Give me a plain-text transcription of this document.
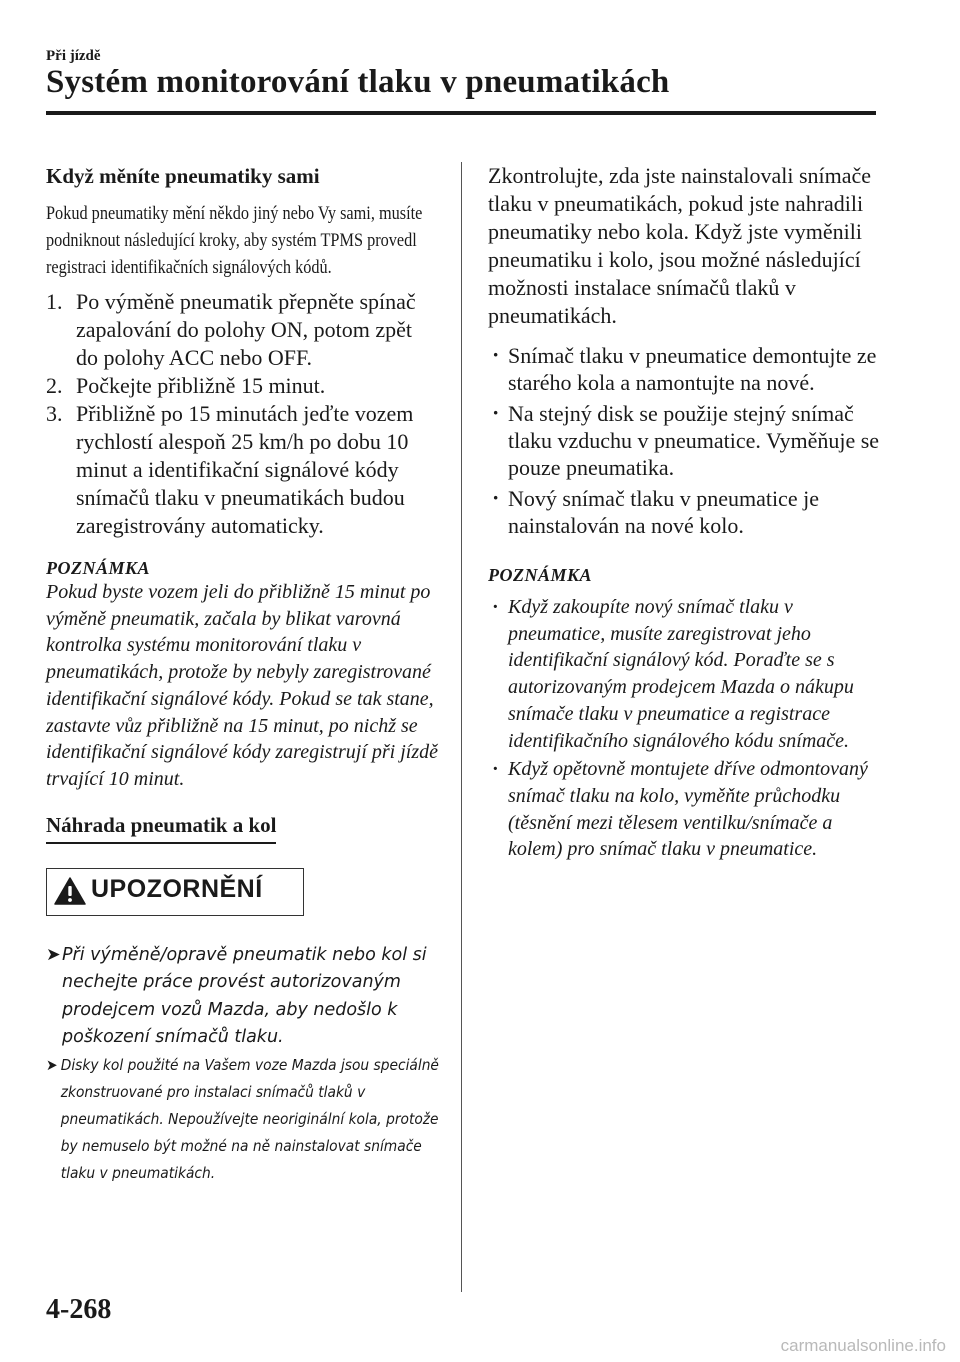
Při jízdě
Systém monitorování tlaku v pneumatikách
Když měníte pneumatiky sami
Pokud pneumatiky mění někdo jiný nebo Vy sami, musíte podniknout následující kroky, aby systém TPMS provedl registraci identifikačních signálových kódů.
1. Po výměně pneumatik přepněte spínač zapalování do polohy ON, potom zpět do polohy ACC nebo OFF.
2. Počkejte přibližně 15 minut.
3. Přibližně po 15 minutách jeďte vozem rychlostí alespoň 25 km/h po dobu 10 minut a identifikační signálové kódy snímačů tlaku v pneumatikách budou zaregistrovány automaticky.
POZNÁMKA
Pokud byste vozem jeli do přibližně 15 minut po výměně pneumatik, začala by blikat varovná kontrolka systému monitorování tlaku v pneumatikách, protože by nebyly zaregistrované identifikační signálové kódy. Pokud se tak stane, zastavte vůz přibližně na 15 minut, po nichž se identifikační signálové kódy zaregistrují při jízdě trvající 10 minut.
Náhrada pneumatik a kol
UPOZORNĚNÍ
➤ Při výměně/opravě pneumatik nebo kol si nechejte práce provést autorizovaným prodejcem vozů Mazda, aby nedošlo k poškození snímačů tlaku.
➤ Disky kol použité na Vašem voze Mazda jsou speciálně zkonstruované pro instalaci snímačů tlaků v pneumatikách. Nepoužívejte neoriginální kola, protože by nemuselo být možné na ně nainstalovat snímače tlaku v pneumatikách.
Zkontrolujte, zda jste nainstalovali snímače tlaku v pneumatikách, pokud jste nahradili pneumatiky nebo kola. Když jste vyměnili pneumatiku i kolo, jsou možné následující možnosti instalace snímačů tlaků v pneumatikách.
· Snímač tlaku v pneumatice demontujte ze starého kola a namontujte na nové.
· Na stejný disk se použije stejný snímač tlaku vzduchu v pneumatice. Vyměňuje se pouze pneumatika.
· Nový snímač tlaku v pneumatice je nainstalován na nové kolo.
POZNÁMKA
· Když zakoupíte nový snímač tlaku v pneumatice, musíte zaregistrovat jeho identifikační signálový kód. Poraďte se s autorizovaným prodejcem Mazda o nákupu snímače tlaku v pneumatice a registrace identifikačního signálového kódu snímače.
· Když opětovně montujete dříve odmontovaný snímač tlaku na kolo, vyměňte průchodku (těsnění mezi tělesem ventilku/snímače a kolem) pro snímač tlaku v pneumatice.
4-268
carmanualsonline.info
